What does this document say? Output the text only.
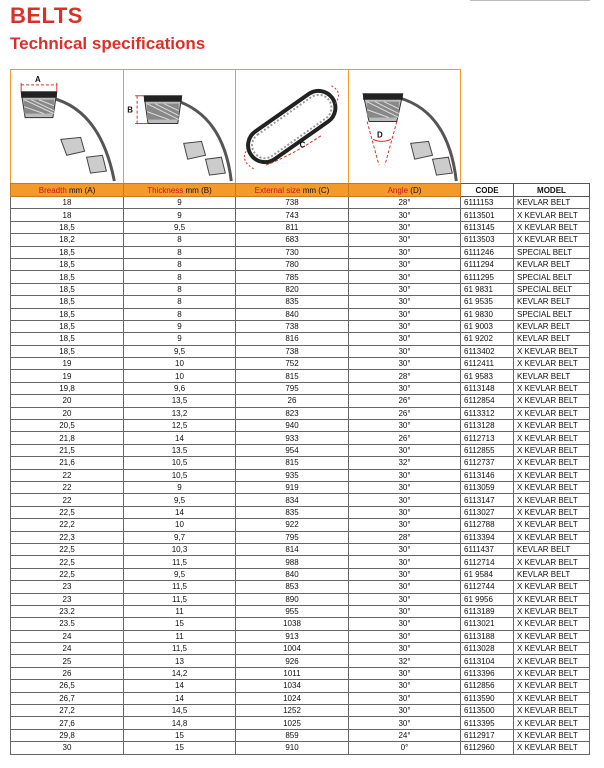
BELTS
Technical specifications
A
B
C
D
Breadth mm (A)	Thickness mm (B)	External size mm (C)	Angle (D)	CODE	MODEL
18	9	738	28°	6111153	KEVLAR BELT
18	9	743	30°	6113501	X KEVLAR BELT
18,5	9,5	811	30°	6113145	X KEVLAR BELT
18,2	8	683	30°	6113503	X KEVLAR BELT
18,5	8	730	30°	6111246	SPECIAL BELT
18,5	8	780	30°	6111294	KEVLAR BELT
18,5	8	785	30°	6111295	SPECIAL BELT
18,5	8	820	30°	61 9831	SPECIAL BELT
18,5	8	835	30°	61 9535	KEVLAR BELT
18,5	8	840	30°	61 9830	SPECIAL BELT
18,5	9	738	30°	61 9003	KEVLAR BELT
18,5	9	816	30°	61 9202	KEVLAR BELT
18,5	9,5	738	30°	6113402	X KEVLAR BELT
19	10	752	30°	6112411	X KEVLAR BELT
19	10	815	28°	61 9583	KEVLAR BELT
19,8	9,6	795	30°	6113148	X KEVLAR BELT
20	13,5	26	26°	6112854	X KEVLAR BELT
20	13,2	823	26°	6113312	X KEVLAR BELT
20,5	12,5	940	30°	6113128	X KEVLAR BELT
21,8	14	933	26°	6112713	X KEVLAR BELT
21,5	13.5	954	30°	6112855	X KEVLAR BELT
21,6	10,5	815	32°	6112737	X KEVLAR BELT
22	10,5	935	30°	6113146	X KEVLAR BELT
22	9	919	30°	6113059	X KEVLAR BELT
22	9,5	834	30°	6113147	X KEVLAR BELT
22,5	14	835	30°	6113027	X KEVLAR BELT
22,2	10	922	30°	6112788	X KEVLAR BELT
22,3	9,7	795	28°	6113394	X KEVLAR BELT
22,5	10,3	814	30°	6111437	KEVLAR BELT
22,5	11,5	988	30°	6112714	X KEVLAR BELT
22,5	9,5	840	30°	61 9584	KEVLAR BELT
23	11,5	853	30°	6112744	X KEVLAR BELT
23	11,5	890	30°	61 9956	X KEVLAR BELT
23.2	11	955	30°	6113189	X KEVLAR BELT
23.5	15	1038	30°	6113021	X KEVLAR BELT
24	11	913	30°	6113188	X KEVLAR BELT
24	11,5	1004	30°	6113028	X KEVLAR BELT
25	13	926	32°	6113104	X KEVLAR BELT
26	14,2	1011	30°	6113396	X KEVLAR BELT
26,5	14	1034	30°	6112856	X KEVLAR BELT
26,7	14	1024	30°	6113590	X KEVLAR BELT
27,2	14,5	1252	30°	6113500	X KEVLAR BELT
27,6	14,8	1025	30°	6113395	X KEVLAR BELT
29,8	15	859	24°	6112917	X KEVLAR BELT
30	15	910	0°	6112960	X KEVLAR BELT
